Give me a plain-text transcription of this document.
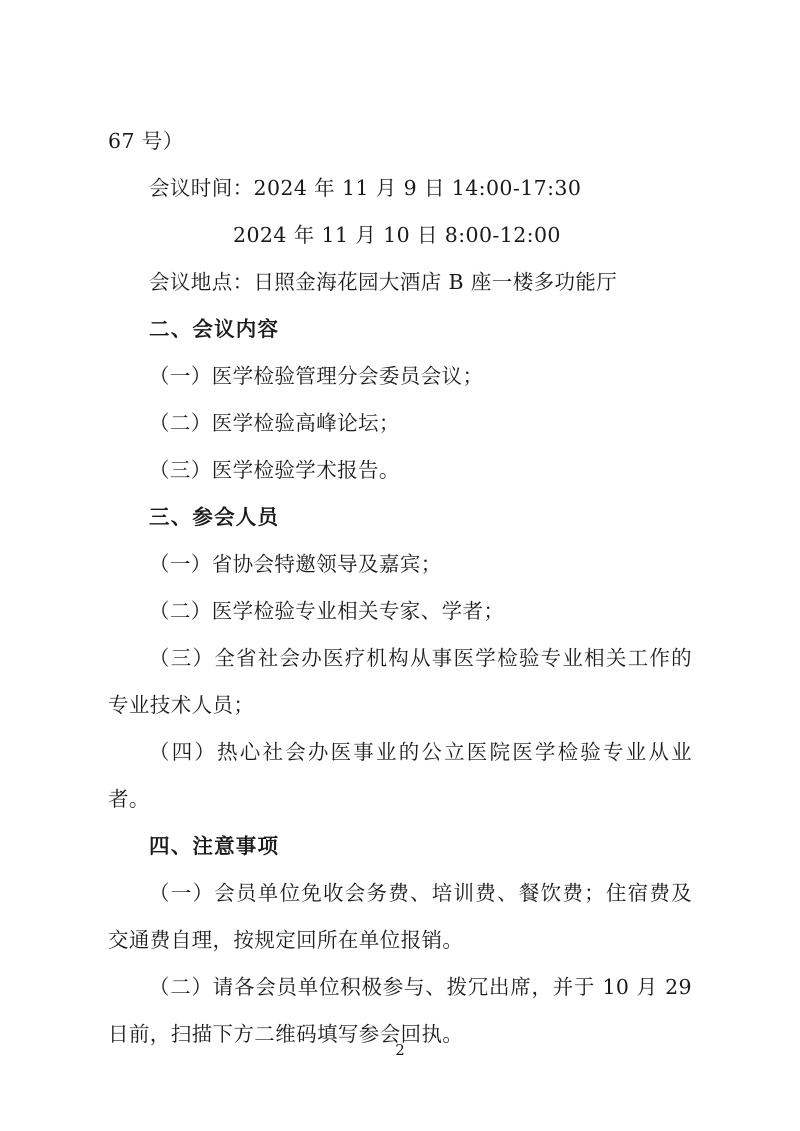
67 号）

会议时间：2024 年 11 月 9 日 14:00-17:30

2024 年 11 月 10 日 8:00-12:00

会议地点：日照金海花园大酒店 B 座一楼多功能厅

二、会议内容

（一）医学检验管理分会委员会议；

（二）医学检验高峰论坛；

（三）医学检验学术报告。

三、参会人员

（一）省协会特邀领导及嘉宾；

（二）医学检验专业相关专家、学者；

（三）全省社会办医疗机构从事医学检验专业相关工作的专业技术人员；

（四）热心社会办医事业的公立医院医学检验专业从业者。

四、注意事项

（一）会员单位免收会务费、培训费、餐饮费；住宿费及交通费自理，按规定回所在单位报销。

（二）请各会员单位积极参与、拨冗出席，并于 10 月 29 日前，扫描下方二维码填写参会回执。

2
